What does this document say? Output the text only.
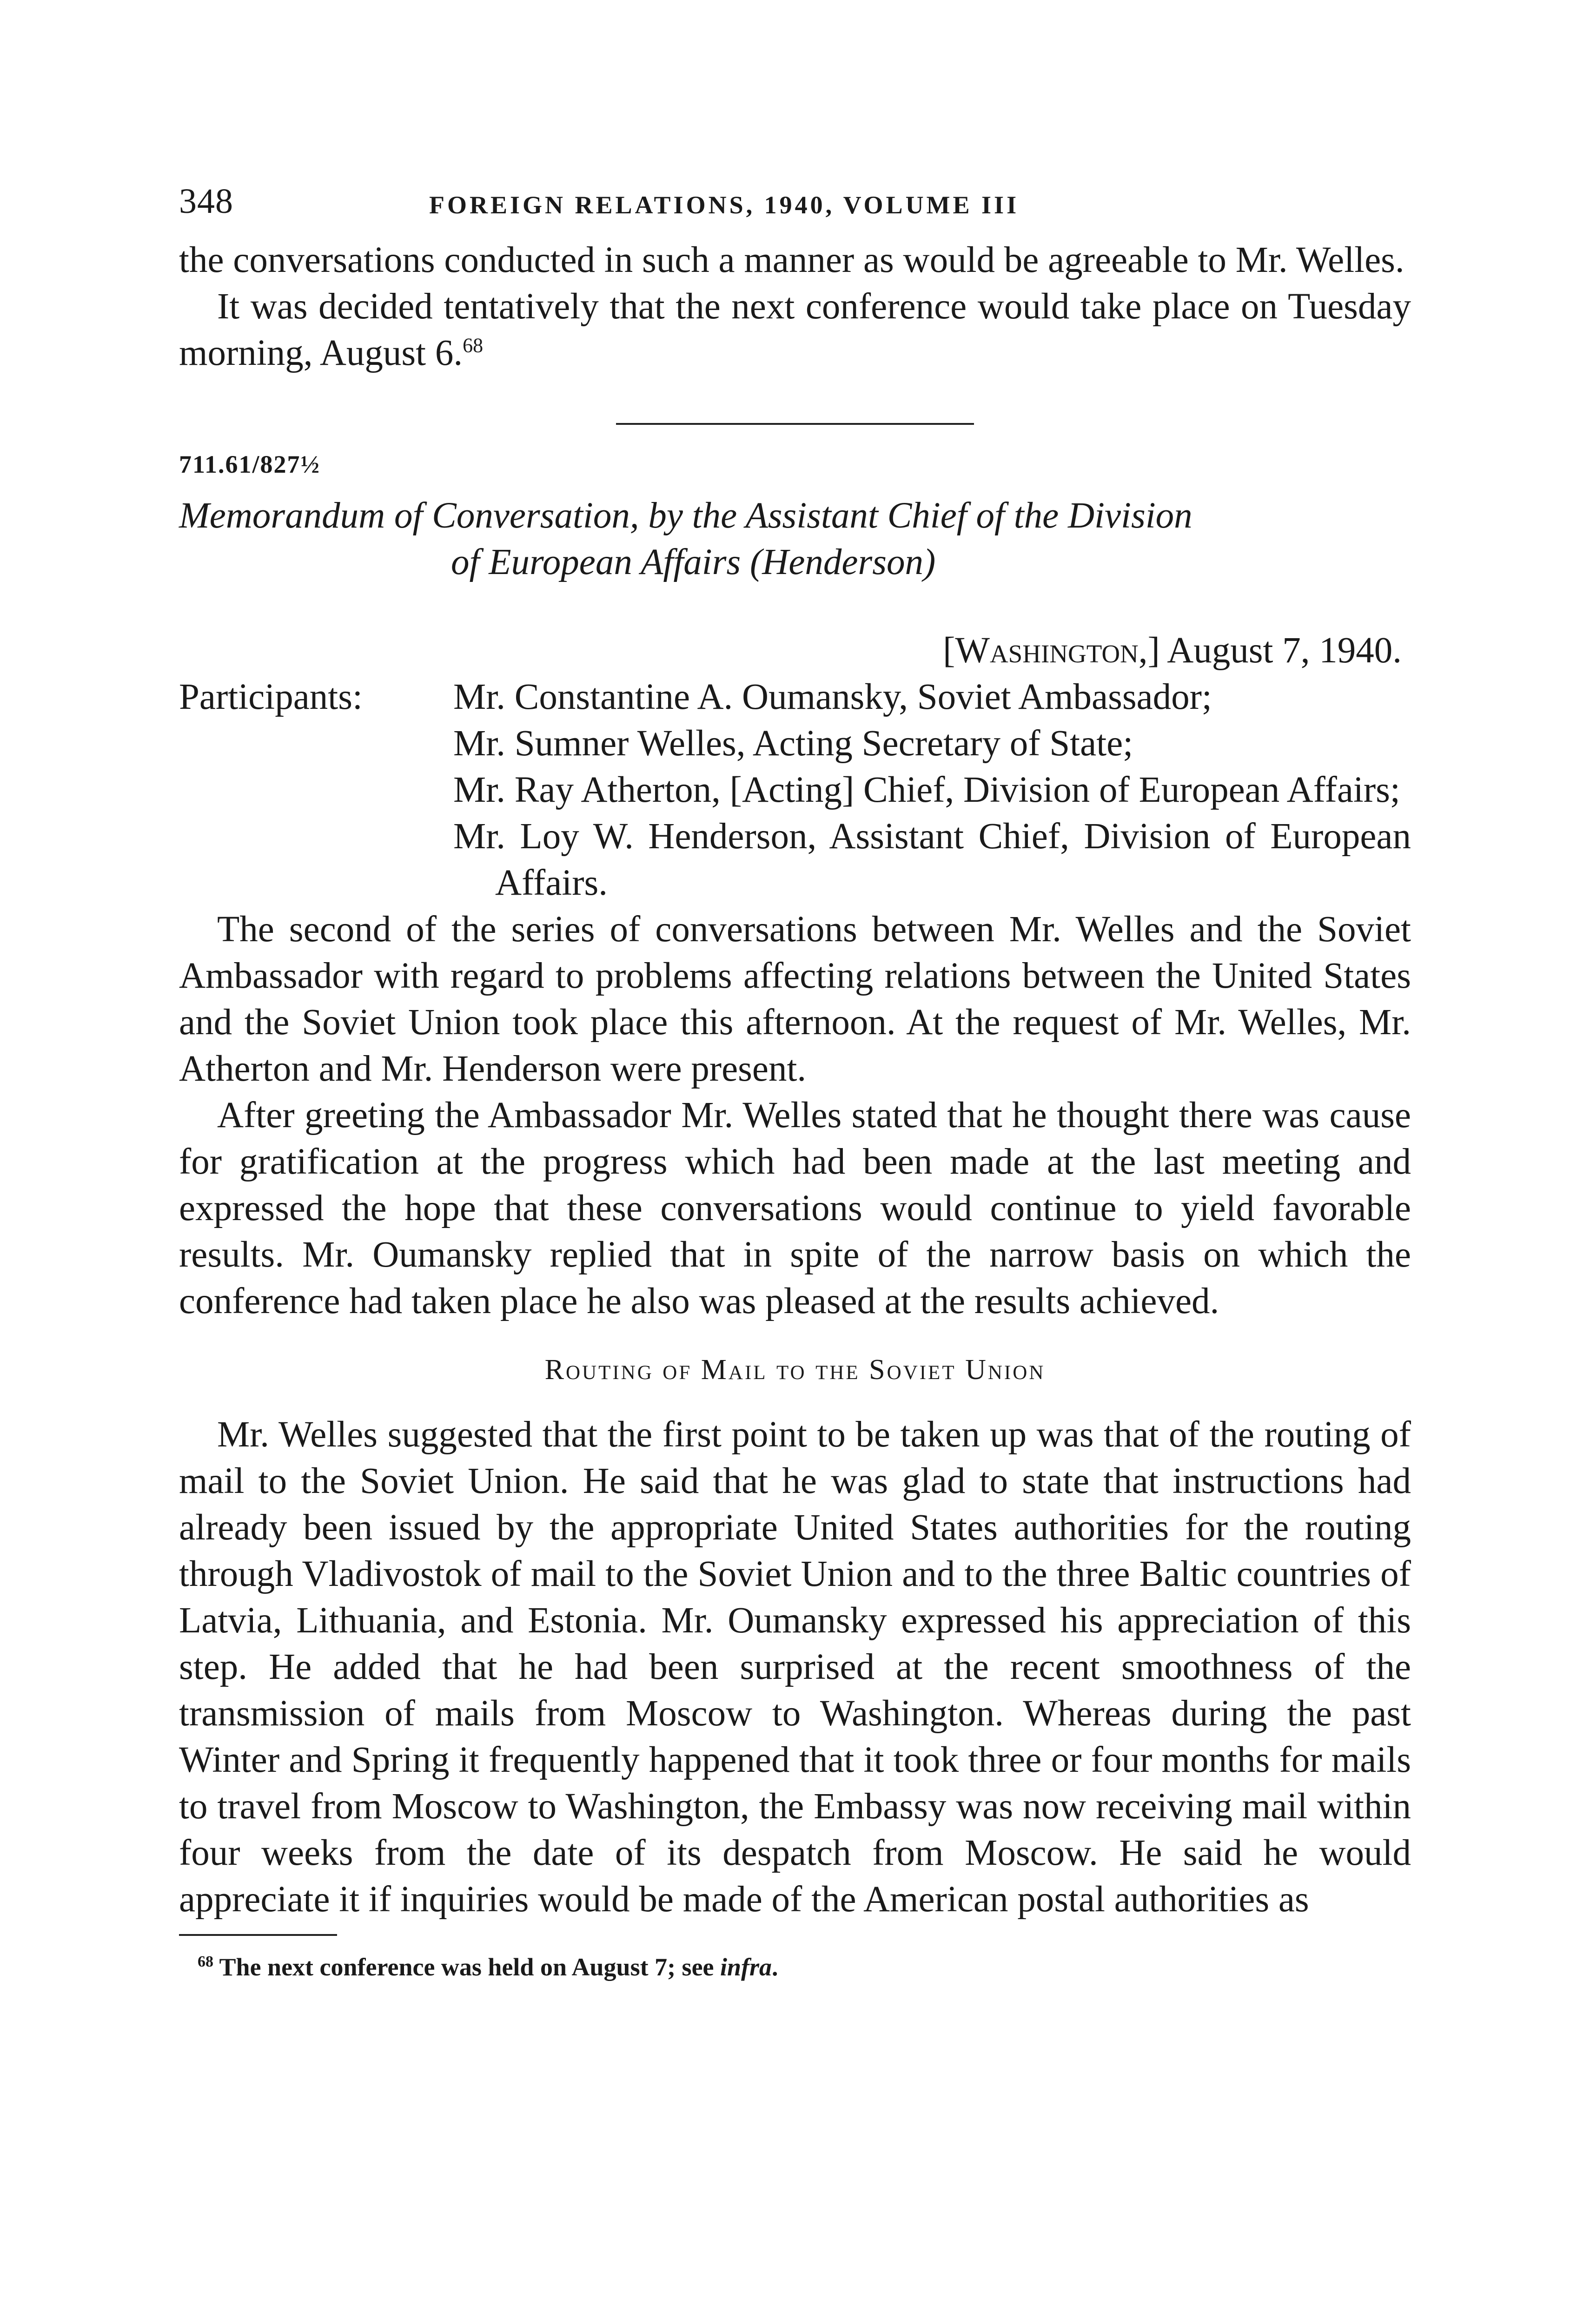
348	FOREIGN RELATIONS, 1940, VOLUME III

the conversations conducted in such a manner as would be agreeable to Mr. Welles.

It was decided tentatively that the next conference would take place on Tuesday morning, August 6.68

711.61/827½
Memorandum of Conversation, by the Assistant Chief of the Division
of European Affairs (Henderson)
[Washington,] August 7, 1940.
Participants:	Mr. Constantine A. Oumansky, Soviet Ambassador;
Mr. Sumner Welles, Acting Secretary of State;
Mr. Ray Atherton, [Acting] Chief, Division of European Affairs;
Mr. Loy W. Henderson, Assistant Chief, Division of European Affairs.

The second of the series of conversations between Mr. Welles and the Soviet Ambassador with regard to problems affecting relations between the United States and the Soviet Union took place this afternoon. At the request of Mr. Welles, Mr. Atherton and Mr. Henderson were present.

After greeting the Ambassador Mr. Welles stated that he thought there was cause for gratification at the progress which had been made at the last meeting and expressed the hope that these conversations would continue to yield favorable results. Mr. Oumansky replied that in spite of the narrow basis on which the conference had taken place he also was pleased at the results achieved.

Routing of Mail to the Soviet Union

Mr. Welles suggested that the first point to be taken up was that of the routing of mail to the Soviet Union. He said that he was glad to state that instructions had already been issued by the appropriate United States authorities for the routing through Vladivostok of mail to the Soviet Union and to the three Baltic countries of Latvia, Lithuania, and Estonia. Mr. Oumansky expressed his appreciation of this step. He added that he had been surprised at the recent smoothness of the transmission of mails from Moscow to Washington. Whereas during the past Winter and Spring it frequently happened that it took three or four months for mails to travel from Moscow to Washington, the Embassy was now receiving mail within four weeks from the date of its despatch from Moscow. He said he would appreciate it if inquiries would be made of the American postal authorities as

$^{68}$ The next conference was held on August 7; see infra.
